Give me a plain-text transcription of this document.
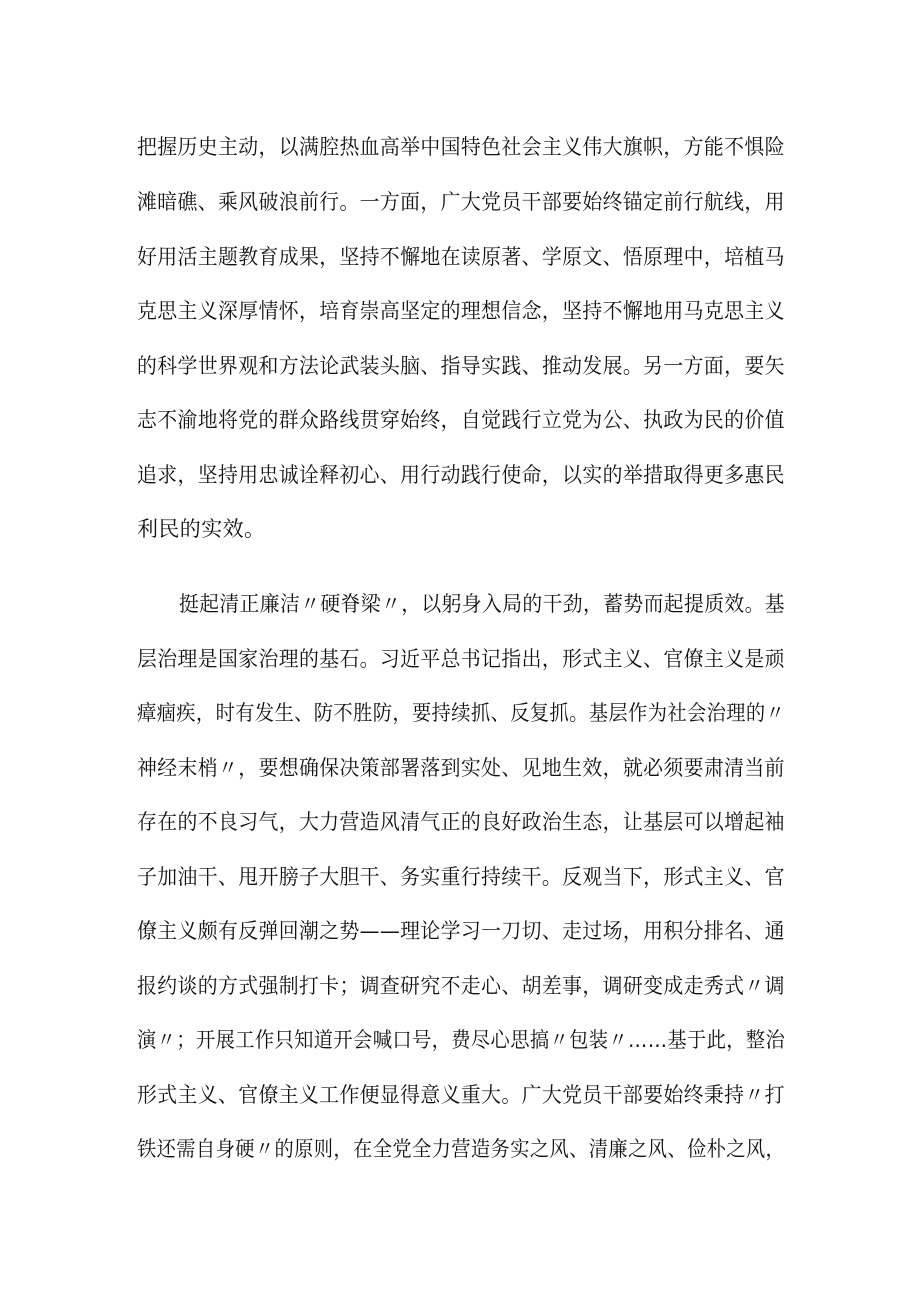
把握历史主动，以满腔热血高举中国特色社会主义伟大旗帜，方能不惧险
滩暗礁、乘风破浪前行。一方面，广大党员干部要始终锚定前行航线，用
好用活主题教育成果，坚持不懈地在读原著、学原文、悟原理中，培植马
克思主义深厚情怀，培育崇高坚定的理想信念，坚持不懈地用马克思主义
的科学世界观和方法论武装头脑、指导实践、推动发展。另一方面，要矢
志不渝地将党的群众路线贯穿始终，自觉践行立党为公、执政为民的价值
追求，坚持用忠诚诠释初心、用行动践行使命，以实的举措取得更多惠民
利民的实效。
挺起清正廉洁〃硬脊梁〃，以躬身入局的干劲，蓄势而起提质效。基
层治理是国家治理的基石。习近平总书记指出，形式主义、官僚主义是顽
瘴痼疾，时有发生、防不胜防，要持续抓、反复抓。基层作为社会治理的〃
神经末梢〃，要想确保决策部署落到实处、见地生效，就必须要肃清当前
存在的不良习气，大力营造风清气正的良好政治生态，让基层可以增起袖
子加油干、甩开膀子大胆干、务实重行持续干。反观当下，形式主义、官
僚主义颇有反弹回潮之势——理论学习一刀切、走过场，用积分排名、通
报约谈的方式强制打卡；调查研究不走心、胡差事，调研变成走秀式〃调
演〃；开展工作只知道开会喊口号，费尽心思搞〃包装〃……基于此，整治
形式主义、官僚主义工作便显得意义重大。广大党员干部要始终秉持〃打
铁还需自身硬〃的原则，在全党全力营造务实之风、清廉之风、俭朴之风，
